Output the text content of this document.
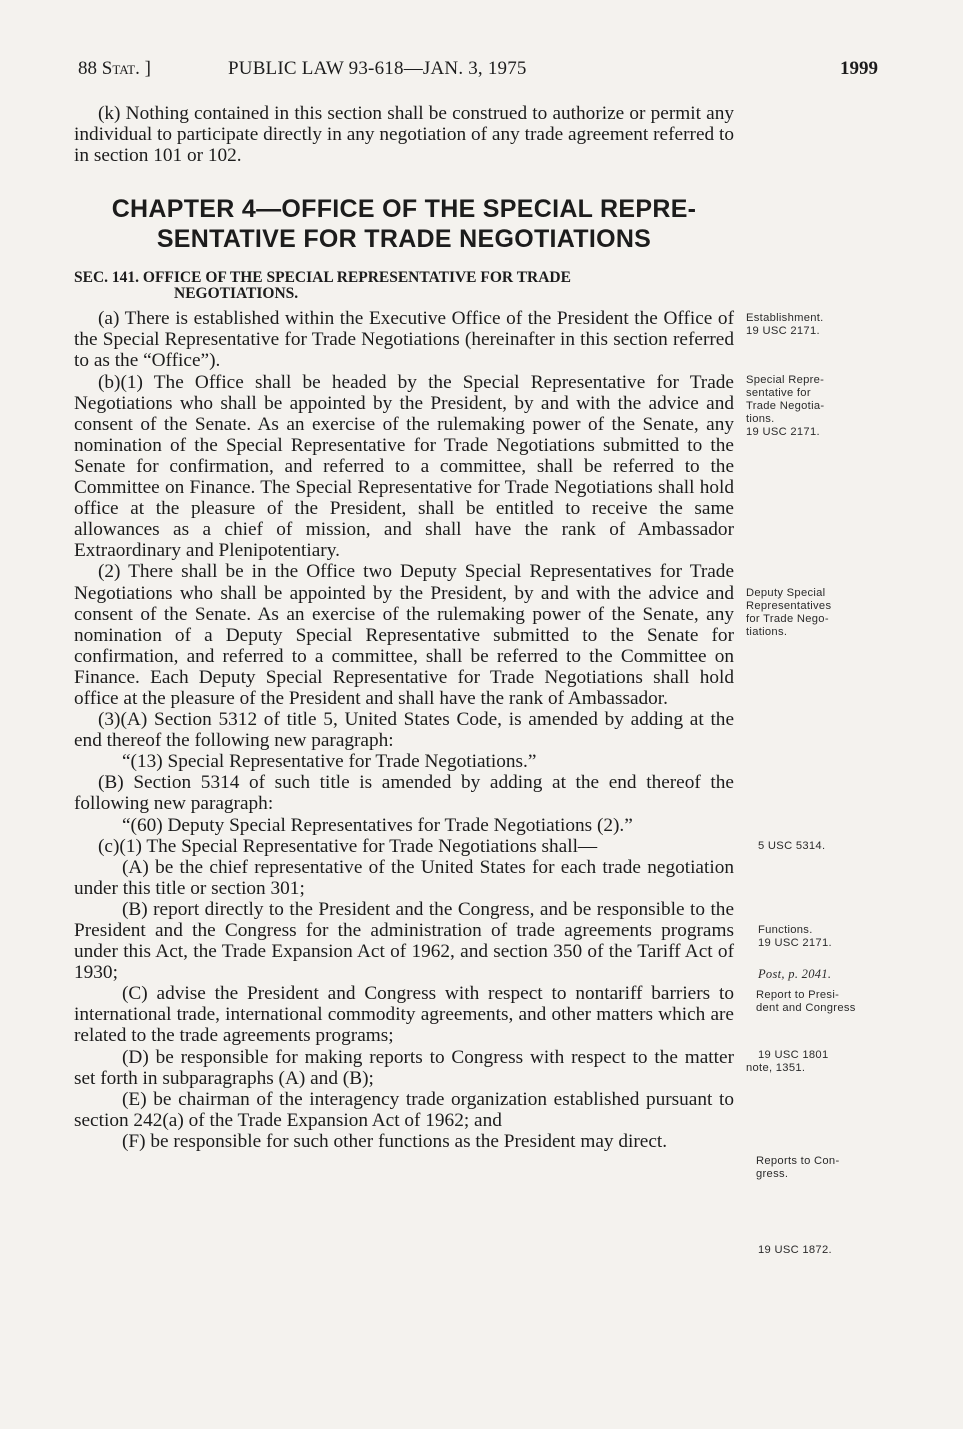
88 Stat. ]	PUBLIC LAW 93-618—JAN. 3, 1975	1999

(k) Nothing contained in this section shall be construed to authorize or permit any individual to participate directly in any negotiation of any trade agreement referred to in section 101 or 102.

CHAPTER 4—OFFICE OF THE SPECIAL REPRE-
SENTATIVE FOR TRADE NEGOTIATIONS
SEC. 141. OFFICE OF THE SPECIAL REPRESENTATIVE FOR TRADE
NEGOTIATIONS.

(a) There is established within the Executive Office of the President the Office of the Special Representative for Trade Negotiations (hereinafter in this section referred to as the “Office”).

(b)(1) The Office shall be headed by the Special Representative for Trade Negotiations who shall be appointed by the President, by and with the advice and consent of the Senate. As an exercise of the rulemaking power of the Senate, any nomination of the Special Representative for Trade Negotiations submitted to the Senate for confirmation, and referred to a committee, shall be referred to the Committee on Finance. The Special Representative for Trade Negotiations shall hold office at the pleasure of the President, shall be entitled to receive the same allowances as a chief of mission, and shall have the rank of Ambassador Extraordinary and Plenipotentiary.

(2) There shall be in the Office two Deputy Special Representatives for Trade Negotiations who shall be appointed by the President, by and with the advice and consent of the Senate. As an exercise of the rulemaking power of the Senate, any nomination of a Deputy Special Representative submitted to the Senate for confirmation, and referred to a committee, shall be referred to the Committee on Finance. Each Deputy Special Representative for Trade Negotiations shall hold office at the pleasure of the President and shall have the rank of Ambassador.

(3)(A) Section 5312 of title 5, United States Code, is amended by adding at the end thereof the following new paragraph:

“(13) Special Representative for Trade Negotiations.”

(B) Section 5314 of such title is amended by adding at the end thereof the following new paragraph:

“(60) Deputy Special Representatives for Trade Negotiations (2).”

(c)(1) The Special Representative for Trade Negotiations shall—

(A) be the chief representative of the United States for each trade negotiation under this title or section 301;

(B) report directly to the President and the Congress, and be responsible to the President and the Congress for the administration of trade agreements programs under this Act, the Trade Expansion Act of 1962, and section 350 of the Tariff Act of 1930;

(C) advise the President and Congress with respect to nontariff barriers to international trade, international commodity agreements, and other matters which are related to the trade agreements programs;

(D) be responsible for making reports to Congress with respect to the matter set forth in subparagraphs (A) and (B);

(E) be chairman of the interagency trade organization established pursuant to section 242(a) of the Trade Expansion Act of 1962; and

(F) be responsible for such other functions as the President may direct.

Establishment.
19 USC 2171.
Special Repre-
sentative for
Trade Negotia-
tions.
19 USC 2171.
Deputy Special
Representatives
for Trade Nego-
tiations.
5 USC 5314.
Functions.
19 USC 2171.
Post, p. 2041.
Report to Presi-
dent and Congress
19 USC 1801
note, 1351.
Reports to Con-
gress.
19 USC 1872.
